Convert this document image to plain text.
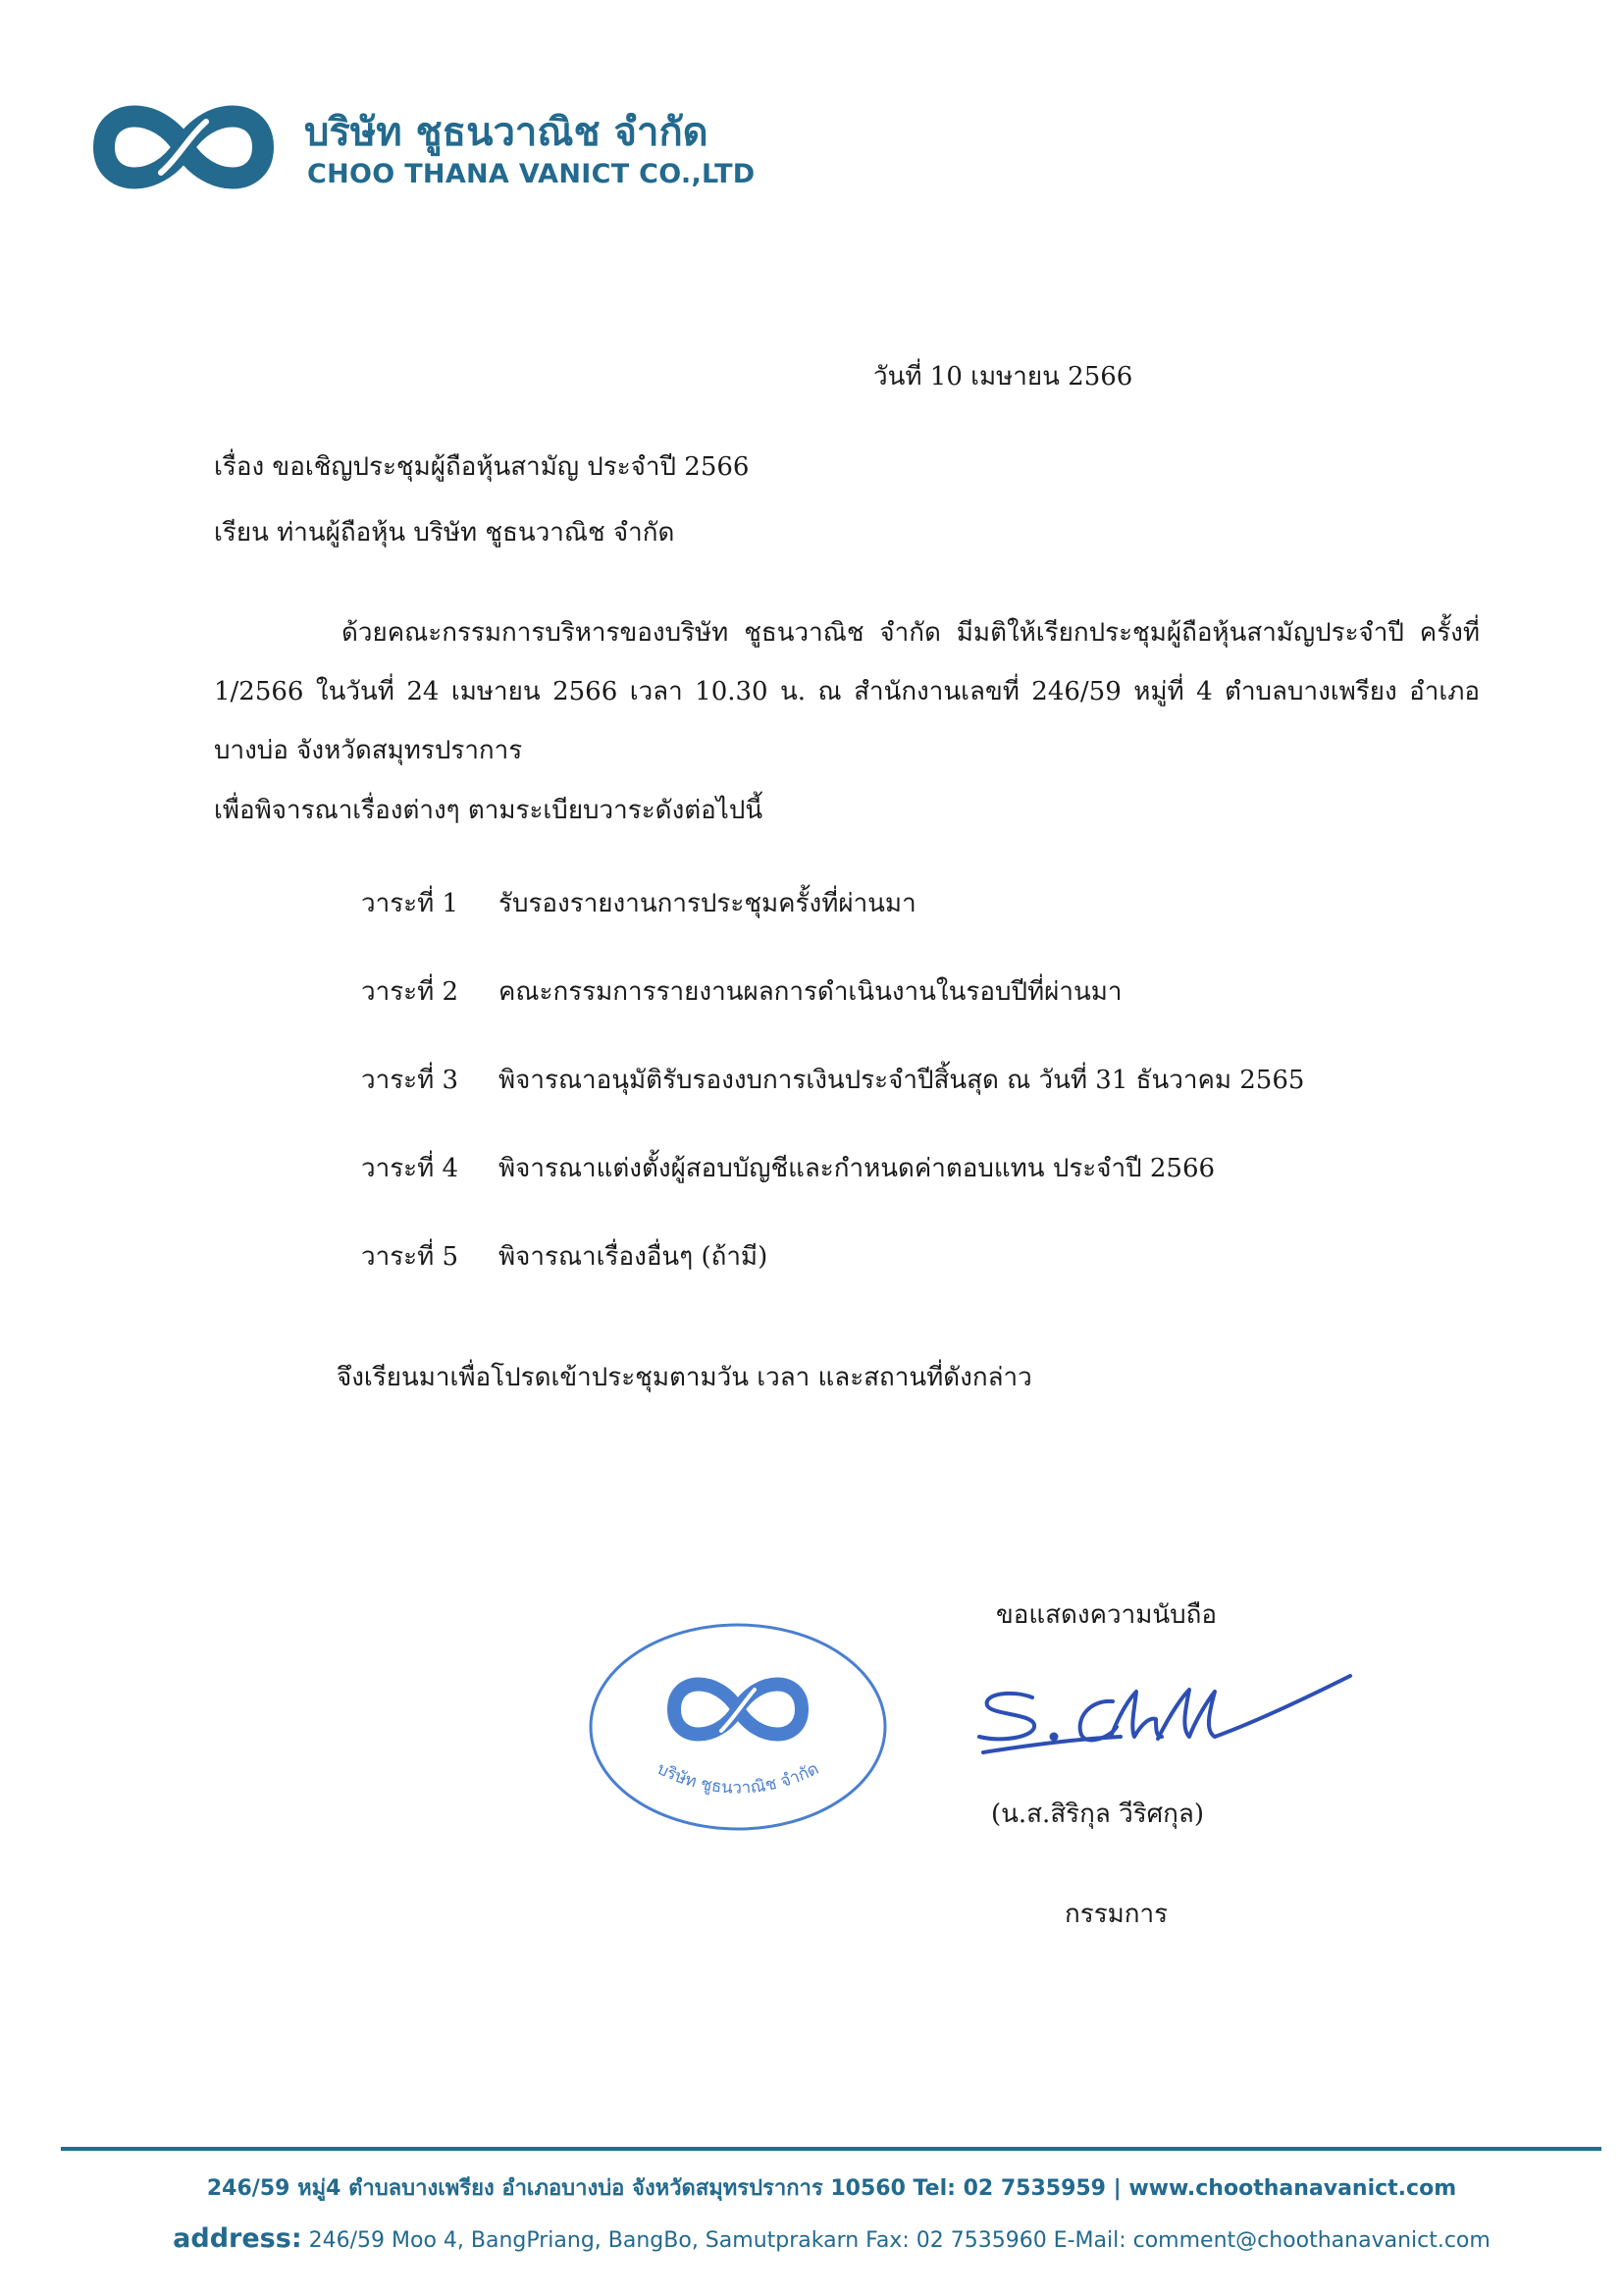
บริษัท ชูธนวาณิช จำกัด
CHOO THANA VANICT CO.,LTD
วันที่ 10 เมษายน 2566
เรื่อง ขอเชิญประชุมผู้ถือหุ้นสามัญ ประจำปี 2566
เรียน ท่านผู้ถือหุ้น บริษัท ชูธนวาณิช จำกัด
ด้วยคณะกรรมการบริหารของบริษัท ชูธนวาณิช จำกัด มีมติให้เรียกประชุมผู้ถือหุ้นสามัญประจำปี ครั้งที่ 1/2566 ในวันที่ 24 เมษายน 2566 เวลา 10.30 น. ณ สำนักงานเลขที่ 246/59 หมู่ที่ 4 ตำบลบางเพรียง อำเภอบางบ่อ จังหวัดสมุทรปราการ
เพื่อพิจารณาเรื่องต่างๆ ตามระเบียบวาระดังต่อไปนี้
วาระที่ 1 รับรองรายงานการประชุมครั้งที่ผ่านมา
วาระที่ 2 คณะกรรมการรายงานผลการดำเนินงานในรอบปีที่ผ่านมา
วาระที่ 3 พิจารณาอนุมัติรับรองงบการเงินประจำปีสิ้นสุด ณ วันที่ 31 ธันวาคม 2565
วาระที่ 4 พิจารณาแต่งตั้งผู้สอบบัญชีและกำหนดค่าตอบแทน ประจำปี 2566
วาระที่ 5 พิจารณาเรื่องอื่นๆ (ถ้ามี)
จึงเรียนมาเพื่อโปรดเข้าประชุมตามวัน เวลา และสถานที่ดังกล่าว
ขอแสดงความนับถือ
บริษัท ชูธนวาณิช จำกัด
(น.ส.สิริกุล วีริศกุล)
กรรมการ
246/59 หมู่4 ตำบลบางเพรียง อำเภอบางบ่อ จังหวัดสมุทรปราการ 10560 Tel: 02 7535959 | www.choothanavanict.com
address: 246/59 Moo 4, BangPriang, BangBo, Samutprakarn Fax: 02 7535960 E-Mail: comment@choothanavanict.com
